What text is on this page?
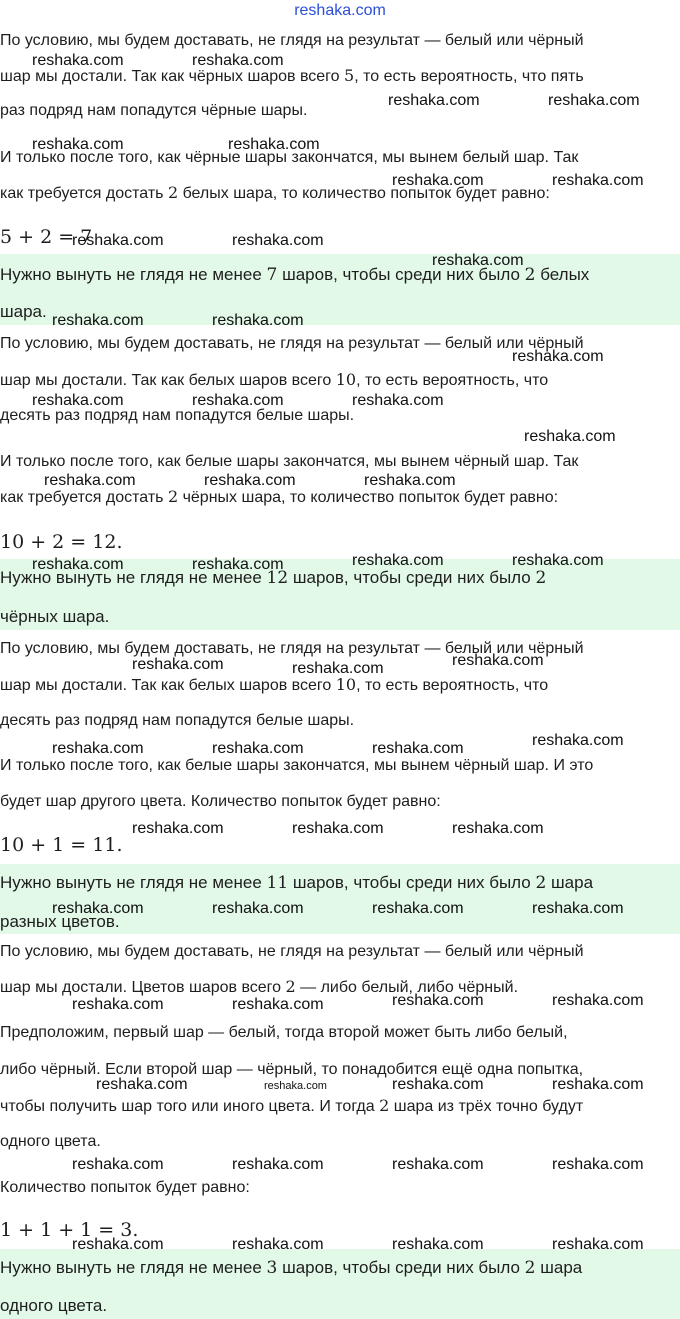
reshaka.com
По условию, мы будем доставать, не глядя на результат — белый или чёрный
шар мы достали. Так как чёрных шаров всего 5, то есть вероятность, что пять
раз подряд нам попадутся чёрные шары.
И только после того, как чёрные шары закончатся, мы вынем белый шар. Так
как требуется достать 2 белых шара, то количество попыток будет равно:
5 + 2 = 7
Нужно вынуть не глядя не менее 7 шаров, чтобы среди них было 2 белых
шара.
По условию, мы будем доставать, не глядя на результат — белый или чёрный
шар мы достали. Так как белых шаров всего 10, то есть вероятность, что
десять раз подряд нам попадутся белые шары.
И только после того, как белые шары закончатся, мы вынем чёрный шар. Так
как требуется достать 2 чёрных шара, то количество попыток будет равно:
10 + 2 = 12.
Нужно вынуть не глядя не менее 12 шаров, чтобы среди них было 2
чёрных шара.
По условию, мы будем доставать, не глядя на результат — белый или чёрный
шар мы достали. Так как белых шаров всего 10, то есть вероятность, что
десять раз подряд нам попадутся белые шары.
И только после того, как белые шары закончатся, мы вынем чёрный шар. И это
будет шар другого цвета. Количество попыток будет равно:
10 + 1 = 11.
Нужно вынуть не глядя не менее 11 шаров, чтобы среди них было 2 шара
разных цветов.
По условию, мы будем доставать, не глядя на результат — белый или чёрный
шар мы достали. Цветов шаров всего 2 — либо белый, либо чёрный.
Предположим, первый шар — белый, тогда второй может быть либо белый,
либо чёрный. Если второй шар — чёрный, то понадобится ещё одна попытка,
чтобы получить шар того или иного цвета. И тогда 2 шара из трёх точно будут
одного цвета.
Количество попыток будет равно:
1 + 1 + 1 = 3.
Нужно вынуть не глядя не менее 3 шаров, чтобы среди них было 2 шара
одного цвета.
reshaka.com	reshaka.com
reshaka.com	reshaka.com
reshaka.com	reshaka.com
reshaka.com	reshaka.com
reshaka.com	reshaka.com
reshaka.com
reshaka.com	reshaka.com
reshaka.com
reshaka.com	reshaka.com	reshaka.com
reshaka.com
reshaka.com	reshaka.com	reshaka.com
reshaka.com	reshaka.com	reshaka.com	reshaka.com
reshaka.com	reshaka.com	reshaka.com
reshaka.com	reshaka.com	reshaka.com	reshaka.com
reshaka.com	reshaka.com	reshaka.com
reshaka.com	reshaka.com	reshaka.com	reshaka.com
reshaka.com	reshaka.com	reshaka.com	reshaka.com
reshaka.com	reshaka.com	reshaka.com
reshaka.com	reshaka.com	reshaka.com	reshaka.com
reshaka.com	reshaka.com	reshaka.com	reshaka.com
reshaka.com
